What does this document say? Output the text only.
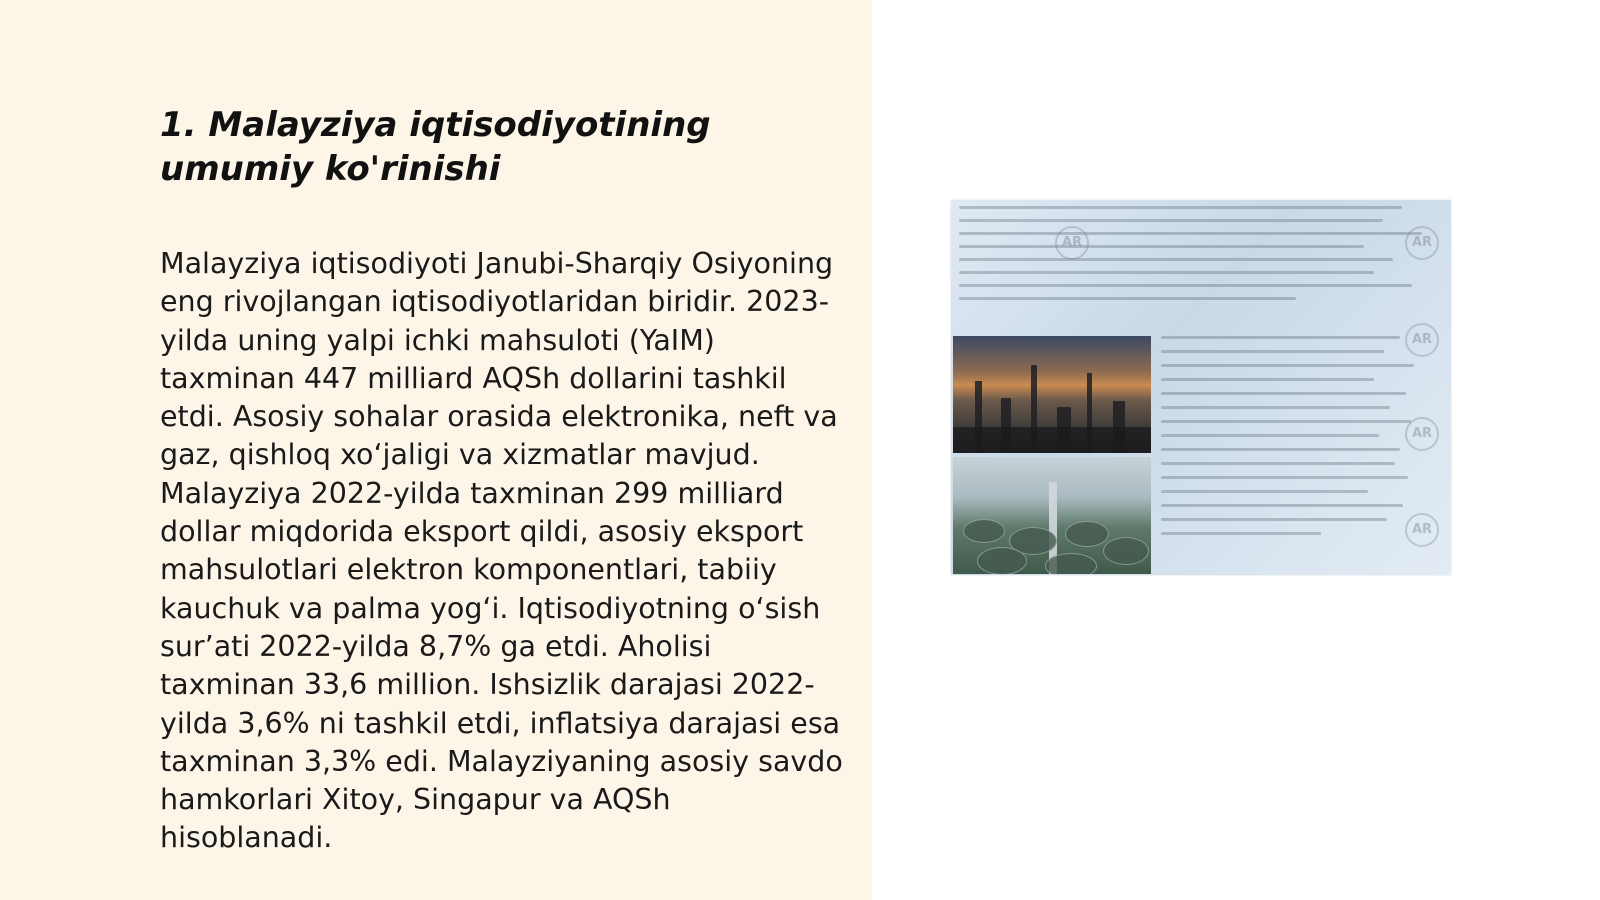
1. Malayziya iqtisodiyotining umumiy ko'rinishi

Malayziya iqtisodiyoti Janubi-Sharqiy Osiyoning eng rivojlangan iqtisodiyotlaridan biridir. 2023-yilda uning yalpi ichki mahsuloti (YaIM) taxminan 447 milliard AQSh dollarini tashkil etdi. Asosiy sohalar orasida elektronika, neft va gaz, qishloq xo‘jaligi va xizmatlar mavjud. Malayziya 2022-yilda taxminan 299 milliard dollar miqdorida eksport qildi, asosiy eksport mahsulotlari elektron komponentlari, tabiiy kauchuk va palma yog‘i. Iqtisodiyotning o‘sish sur’ati 2022-yilda 8,7% ga etdi. Aholisi taxminan 33,6 million. Ishsizlik darajasi 2022-yilda 3,6% ni tashkil etdi, inflatsiya darajasi esa taxminan 3,3% edi. Malayziyaning asosiy savdo hamkorlari Xitoy, Singapur va AQSh hisoblanadi.

AR	AR
AR
AR
AR
